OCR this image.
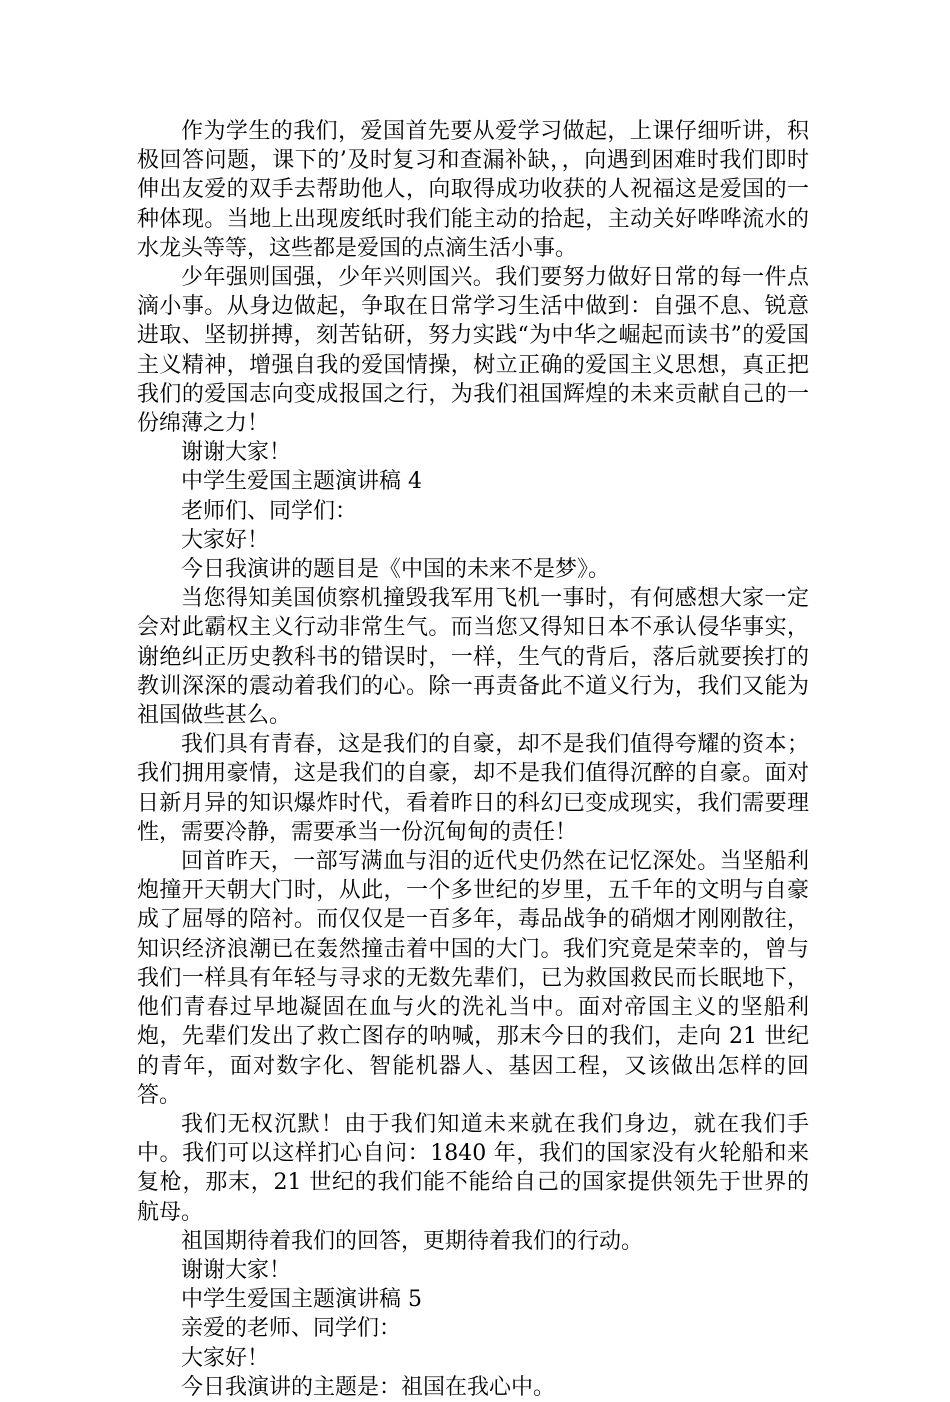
作为学生的我们，爱国首先要从爱学习做起，上课仔细听讲，积极回答问题，课下的’及时复习和查漏补缺，，向遇到困难时我们即时伸出友爱的双手去帮助他人，向取得成功收获的人祝福这是爱国的一种体现。当地上出现废纸时我们能主动的拾起，主动关好哗哗流水的水龙头等等，这些都是爱国的点滴生活小事。

少年强则国强，少年兴则国兴。我们要努力做好日常的每一件点滴小事。从身边做起，争取在日常学习生活中做到：自强不息、锐意进取、坚韧拼搏，刻苦钻研，努力实践“为中华之崛起而读书”的爱国主义精神，增强自我的爱国情操，树立正确的爱国主义思想，真正把我们的爱国志向变成报国之行，为我们祖国辉煌的未来贡献自己的一份绵薄之力！

谢谢大家！

中学生爱国主题演讲稿 4

老师们、同学们：

大家好！

今日我演讲的题目是《中国的未来不是梦》。

当您得知美国侦察机撞毁我军用飞机一事时，有何感想大家一定会对此霸权主义行动非常生气。而当您又得知日本不承认侵华事实，谢绝纠正历史教科书的错误时，一样，生气的背后，落后就要挨打的教训深深的震动着我们的心。除一再责备此不道义行为，我们又能为祖国做些甚么。

我们具有青春，这是我们的自豪，却不是我们值得夸耀的资本；我们拥用豪情，这是我们的自豪，却不是我们值得沉醉的自豪。面对日新月异的知识爆炸时代，看着昨日的科幻已变成现实，我们需要理性，需要冷静，需要承当一份沉甸甸的责任！

回首昨天，一部写满血与泪的近代史仍然在记忆深处。当坚船利炮撞开天朝大门时，从此，一个多世纪的岁里，五千年的文明与自豪成了屈辱的陪衬。而仅仅是一百多年，毒品战争的硝烟才刚刚散往，知识经济浪潮已在轰然撞击着中国的大门。我们究竟是荣幸的，曾与我们一样具有年轻与寻求的无数先辈们，已为救国救民而长眠地下，他们青春过早地凝固在血与火的洗礼当中。面对帝国主义的坚船利炮，先辈们发出了救亡图存的呐喊，那末今日的我们，走向 21 世纪的青年，面对数字化、智能机器人、基因工程，又该做出怎样的回答。

我们无权沉默！由于我们知道未来就在我们身边，就在我们手中。我们可以这样扪心自问：1840 年，我们的国家没有火轮船和来复枪，那末，21 世纪的我们能不能给自己的国家提供领先于世界的航母。

祖国期待着我们的回答，更期待着我们的行动。

谢谢大家！

中学生爱国主题演讲稿 5

亲爱的老师、同学们：

大家好！

今日我演讲的主题是：祖国在我心中。
